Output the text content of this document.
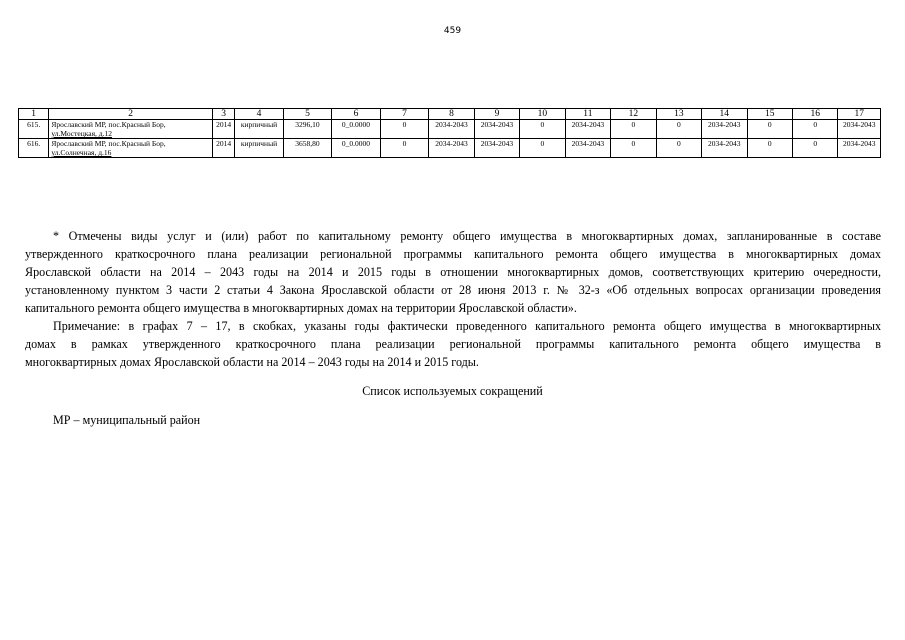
459
1	2	3	4	5	6	7	8	9	10	11	12	13	14	15	16	17
615.	Ярославский МР, пос.Красный Бор,
ул.Мостецкая, д.12	2014	кирпичный	3296,10	0_0.0000	0	2034-2043	2034-2043	0	2034-2043	0	0	2034-2043	0	0	2034-2043
616.	Ярославский МР, пос.Красный Бор,
ул.Солнечная, д.16	2014	кирпичный	3658,80	0_0.0000	0	2034-2043	2034-2043	0	2034-2043	0	0	2034-2043	0	0	2034-2043
* Отмечены виды услуг и (или) работ по капитальному ремонту общего имущества в многоквартирных домах, запланированные в составе
утвержденного краткосрочного плана реализации региональной программы капитального ремонта общего имущества в многоквартирных домах
Ярославской области на 2014 – 2043 годы на 2014 и 2015 годы в отношении многоквартирных домов, соответствующих критерию очередности,
установленному пунктом 3 части 2 статьи 4 Закона Ярославской области от 28 июня 2013 г. № 32-з «Об отдельных вопросах организации проведения
капитального ремонта общего имущества в многоквартирных домах на территории Ярославской области».
Примечание: в графах 7 – 17, в скобках, указаны годы фактически проведенного капитального ремонта общего имущества в многоквартирных
домах в рамках утвержденного краткосрочного плана реализации региональной программы капитального ремонта общего имущества в
многоквартирных домах Ярославской области на 2014 – 2043 годы на 2014 и 2015 годы.
Список используемых сокращений
МР – муниципальный район
